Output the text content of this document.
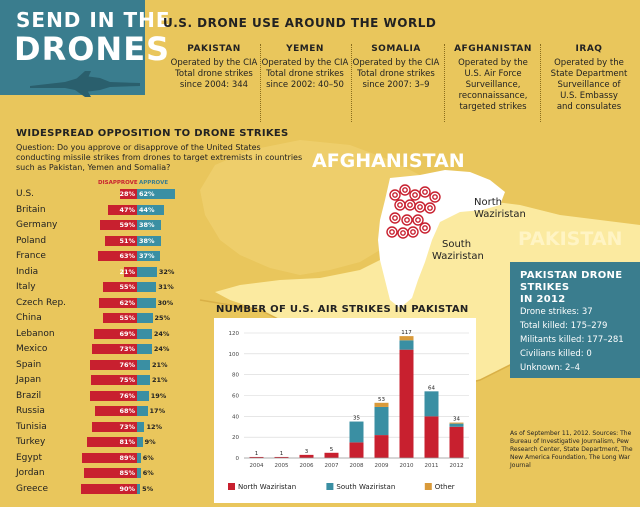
SEND IN THE
DRONES
U.S. DRONE USE AROUND THE WORLD
PAKISTAN
Operated by the CIA
Total drone strikes
since 2004: 344
YEMEN
Operated by the CIA
Total drone strikes
since 2002: 40–50
SOMALIA
Operated by the CIA
Total drone strikes
since 2007: 3–9
AFGHANISTAN
Operated by the
U.S. Air Force
Surveillance,
reconnaissance,
targeted strikes
IRAQ
Operated by the
State Department
Surveillance of
U.S. Embassy
and consulates
AFGHANISTAN
PAKISTAN
North
Waziristan
South
Waziristan
WIDESPREAD OPPOSITION TO DRONE STRIKES
Question: Do you approve or disapprove of the United States conducting missile strikes from drones to target extremists in countries such as Pakistan, Yemen and Somalia?
DISAPPROVE APPROVE
U.S.	28% 62%
Britain	47% 44%
Germany	59% 38%
Poland	51% 38%
France	63% 37%
India	21%	32%
Italy	55%	31%
Czech Rep.	62%	30%
China	55%	25%
Lebanon	69%	24%
Mexico	73%	24%
Spain	76%	21%
Japan	75%	21%
Brazil	76% 19%
Russia	68% 17%
Tunisia	73% 12%
Turkey	81% 9%
Egypt	89% 6%
Jordan	85% 6%
Greece	90% 5%
PAKISTAN DRONE STRIKES
IN 2012
Drone strikes: 37
Total killed: 175–279
Militants killed: 177–281
Civilians killed: 0
Unknown: 2–4
NUMBER OF U.S. AIR STRIKES IN PAKISTAN
0
20
40
60
80
100
120
1
2004
1
2005
3
2006
5
2007
35
2008
53
2009
117
2010
64
2011
34
2012
North Waziristan	South Waziristan	Other
As of September 11, 2012. Sources: The Bureau of Investigative Journalism, Pew Research Center, State Department, The New America Foundation, The Long War Journal
